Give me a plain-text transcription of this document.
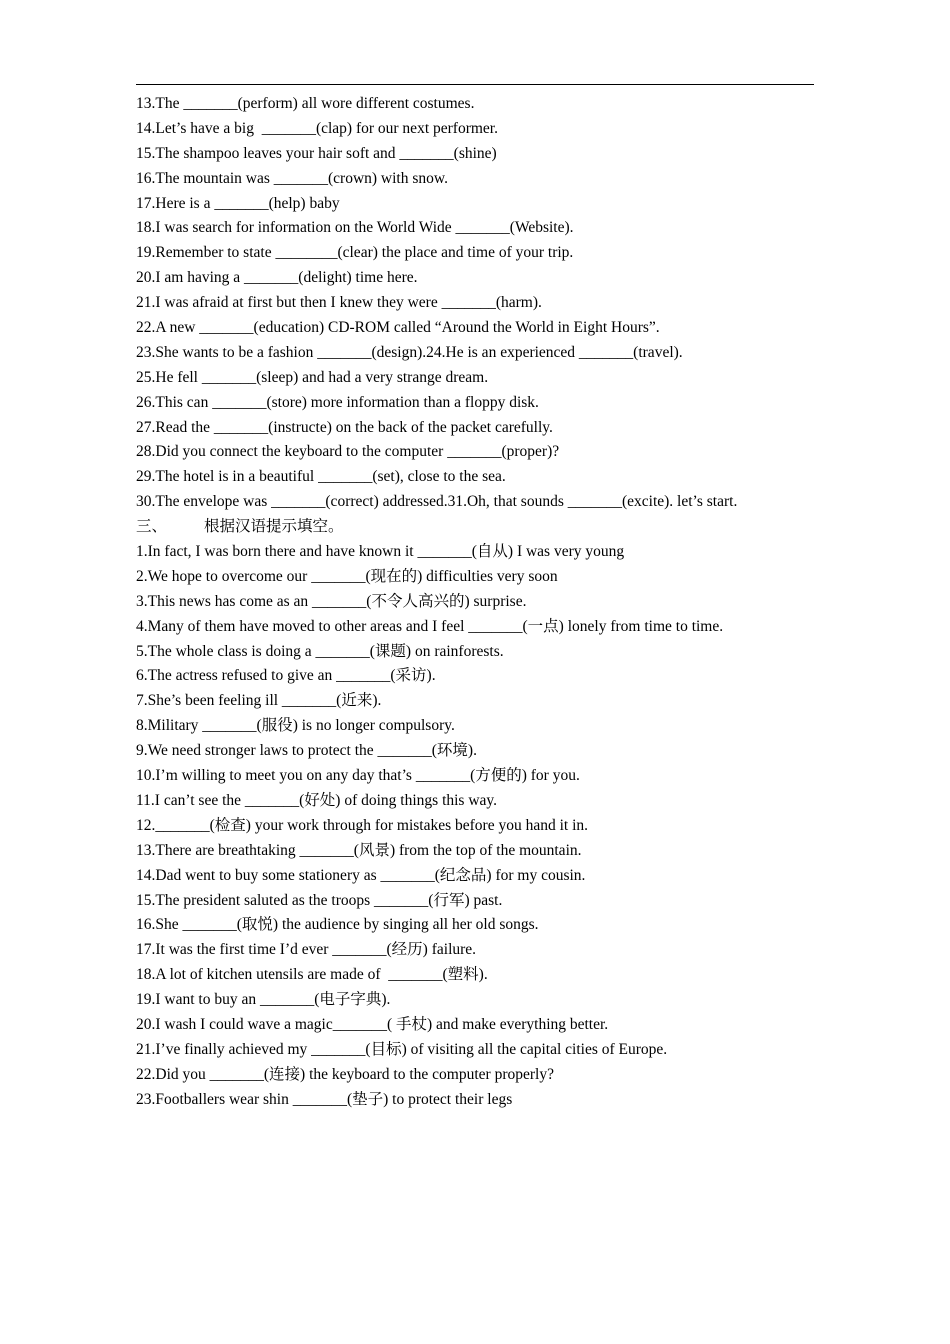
13.The _______(perform) all wore different costumes.
14.Let’s have a big  _______(clap) for our next performer.
15.The shampoo leaves your hair soft and _______(shine)
16.The mountain was _______(crown) with snow.
17.Here is a _______(help) baby
18.I was search for information on the World Wide _______(Website).
19.Remember to state ________(clear) the place and time of your trip.
20.I am having a _______(delight) time here.
21.I was afraid at first but then I knew they were _______(harm).
22.A new _______(education) CD-ROM called “Around the World in Eight Hours”.
23.She wants to be a fashion _______(design).24.He is an experienced _______(travel).
25.He fell _______(sleep) and had a very strange dream.
26.This can _______(store) more information than a floppy disk.
27.Read the _______(instructe) on the back of the packet carefully.
28.Did you connect the keyboard to the computer _______(proper)?
29.The hotel is in a beautiful _______(set), close to the sea.
30.The envelope was _______(correct) addressed.31.Oh, that sounds _______(excite). let’s start.
三、 根据汉语提示填空。
1.In fact, I was born there and have known it _______(自从) I was very young
2.We hope to overcome our _______(现在的) difficulties very soon
3.This news has come as an _______(不令人高兴的) surprise.
4.Many of them have moved to other areas and I feel _______(一点) lonely from time to time.
5.The whole class is doing a _______(课题) on rainforests.
6.The actress refused to give an _______(采访).
7.She’s been feeling ill _______(近来).
8.Military _______(服役) is no longer compulsory.
9.We need stronger laws to protect the _______(环境).
10.I’m willing to meet you on any day that’s _______(方便的) for you.
11.I can’t see the _______(好处) of doing things this way.
12._______(检查) your work through for mistakes before you hand it in.
13.There are breathtaking _______(风景) from the top of the mountain.
14.Dad went to buy some stationery as _______(纪念品) for my cousin.
15.The president saluted as the troops _______(行军) past.
16.She _______(取悦) the audience by singing all her old songs.
17.It was the first time I’d ever _______(经历) failure.
18.A lot of kitchen utensils are made of  _______(塑料).
19.I want to buy an _______(电子字典).
20.I wash I could wave a magic_______( 手杖) and make everything better.
21.I’ve finally achieved my _______(目标) of visiting all the capital cities of Europe.
22.Did you _______(连接) the keyboard to the computer properly?
23.Footballers wear shin _______(垫子) to protect their legs
